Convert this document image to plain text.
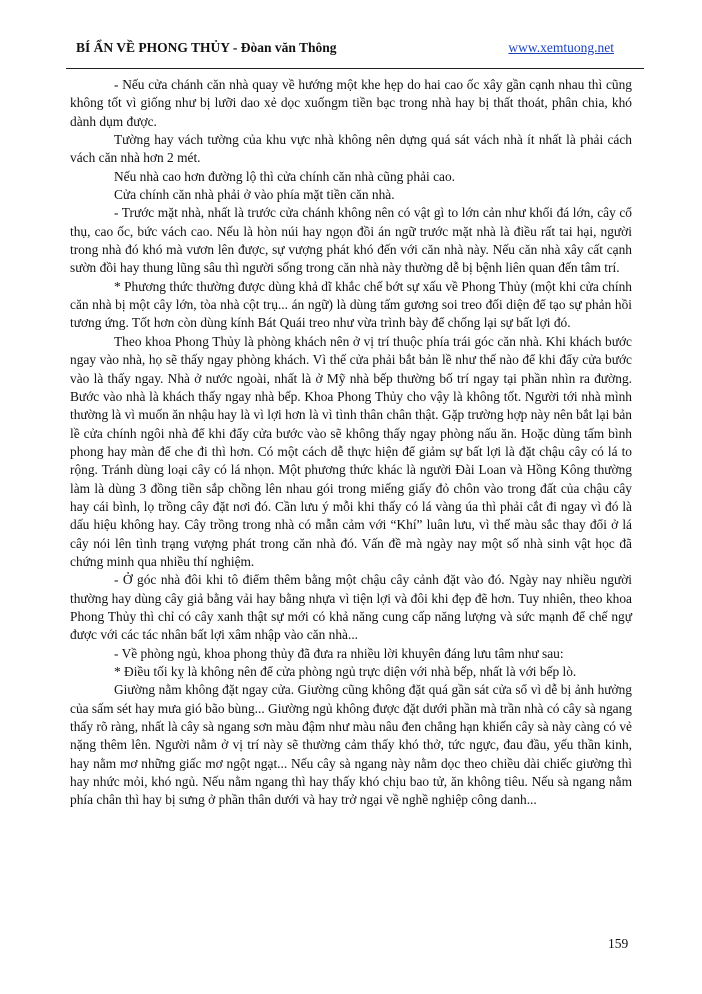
BÍ ẨN VỀ PHONG THỦY - Đòan văn Thông	www.xemtuong.net

- Nếu cửa chánh căn nhà quay về hướng một khe hẹp do hai cao ốc xây gần cạnh nhau thì cũng không tốt vì giống như bị lưỡi dao xẻ dọc xuốngm tiền bạc trong nhà hay bị thất thoát, phân chia, khó dành dụm được.

Tường hay vách tường của khu vực nhà không nên dựng quá sát vách nhà ít nhất là phải cách vách căn nhà hơn 2 mét.

Nếu nhà cao hơn đường lộ thì cửa chính căn nhà cũng phải cao.

Cửa chính căn nhà phải ở vào phía mặt tiền căn nhà.

- Trước mặt nhà, nhất là trước cửa chánh không nên có vật gì to lớn cản như khối đá lớn, cây cổ thụ, cao ốc, bức vách cao. Nếu là hòn núi hay ngọn đồi án ngữ trước mặt nhà là điều rất tai hại, người trong nhà đó khó mà vươn lên được, sự vượng phát khó đến với căn nhà này. Nếu căn nhà xây cất cạnh sườn đồi hay thung lũng sâu thì người sống trong căn nhà này thường dễ bị bệnh liên quan đến tâm trí.

* Phương thức thường được dùng khả dĩ khắc chế bớt sự xấu về Phong Thủy (một khi cửa chính căn nhà bị một cây lớn, tòa nhà cột trụ... án ngữ) là dùng tấm gương soi treo đối diện để tạo sự phản hồi tương ứng. Tốt hơn còn dùng kính Bát Quái treo như vừa trình bày để chống lại sự bất lợi đó.

Theo khoa Phong Thủy là phòng khách nên ở vị trí thuộc phía trái góc căn nhà. Khi khách bước ngay vào nhà, họ sẽ thấy ngay phòng khách. Vì thế cửa phải bắt bản lề như thế nào để khi đẩy cửa bước vào là thấy ngay. Nhà ở nước ngoài, nhất là ở Mỹ nhà bếp thường bố trí ngay tại phần nhìn ra đường. Bước vào nhà là khách thấy ngay nhà bếp. Khoa Phong Thủy cho vậy là không tốt. Người tới nhà mình thường là vì muốn ăn nhậu hay là vì lợi hơn là vì tình thân chân thật. Gặp trường hợp này nên bắt lại bản lề cửa chính ngôi nhà để khi đẩy cửa bước vào sẽ không thấy ngay phòng nấu ăn. Hoặc dùng tấm bình phong hay màn để che đi thì hơn. Có một cách dễ thực hiện để giảm sự bất lợi là đặt chậu cây có lá to rộng. Tránh dùng loại cây có lá nhọn. Một phương thức khác là người Đài Loan và Hồng Kông thường làm là dùng 3 đồng tiền sắp chồng lên nhau gói trong miếng giấy đỏ chôn vào trong đất của chậu cây hay cái bình, lọ trồng cây đặt nơi đó. Cần lưu ý mỗi khi thấy có lá vàng úa thì phải cắt đi ngay vì đó là dấu hiệu không hay. Cây trồng trong nhà có mẫn cảm với “Khí” luân lưu, vì thế màu sắc thay đổi ở lá cây nói lên tình trạng vượng phát trong căn nhà đó. Vấn đề mà ngày nay một số nhà sinh vật học đã chứng minh qua nhiều thí nghiệm.

- Ở góc nhà đôi khi tô điểm thêm bằng một chậu cây cảnh đặt vào đó. Ngày nay nhiều người thường hay dùng cây giả bằng vải hay bằng nhựa vì tiện lợi và đôi khi đẹp đẽ hơn. Tuy nhiên, theo khoa Phong Thủy thì chỉ có cây xanh thật sự mới có khả năng cung cấp năng lượng và sức mạnh để chế ngự được với các tác nhân bất lợi xâm nhập vào căn nhà...

- Về phòng ngủ, khoa phong thủy đã đưa ra nhiều lời khuyên đáng lưu tâm như sau:

* Điều tối kỵ là không nên để cửa phòng ngủ trực diện với nhà bếp, nhất là với bếp lò.

Giường nằm không đặt ngay cửa. Giường cũng không đặt quá gần sát cửa sổ vì dễ bị ảnh hưởng của sấm sét hay mưa gió bão bùng... Giường ngủ không được đặt dưới phần mà trần nhà có cây sà ngang thấy rõ ràng, nhất là cây sà ngang sơn màu đậm như màu nâu đen chẳng hạn khiến cây sà này càng có vẻ nặng thêm lên. Người nằm ở vị trí này sẽ thường cảm thấy khó thở, tức ngực, đau đầu, yếu thần kinh, hay nằm mơ những giấc mơ ngột ngạt... Nếu cây sà ngang này nằm dọc theo chiều dài chiếc giường thì hay nhức mỏi, khó ngủ. Nếu nằm ngang thì hay thấy khó chịu bao tử, ăn không tiêu. Nếu sà ngang nằm phía chân thì hay bị sưng ở phần thân dưới và hay trở ngại về nghề nghiệp công danh...

159
